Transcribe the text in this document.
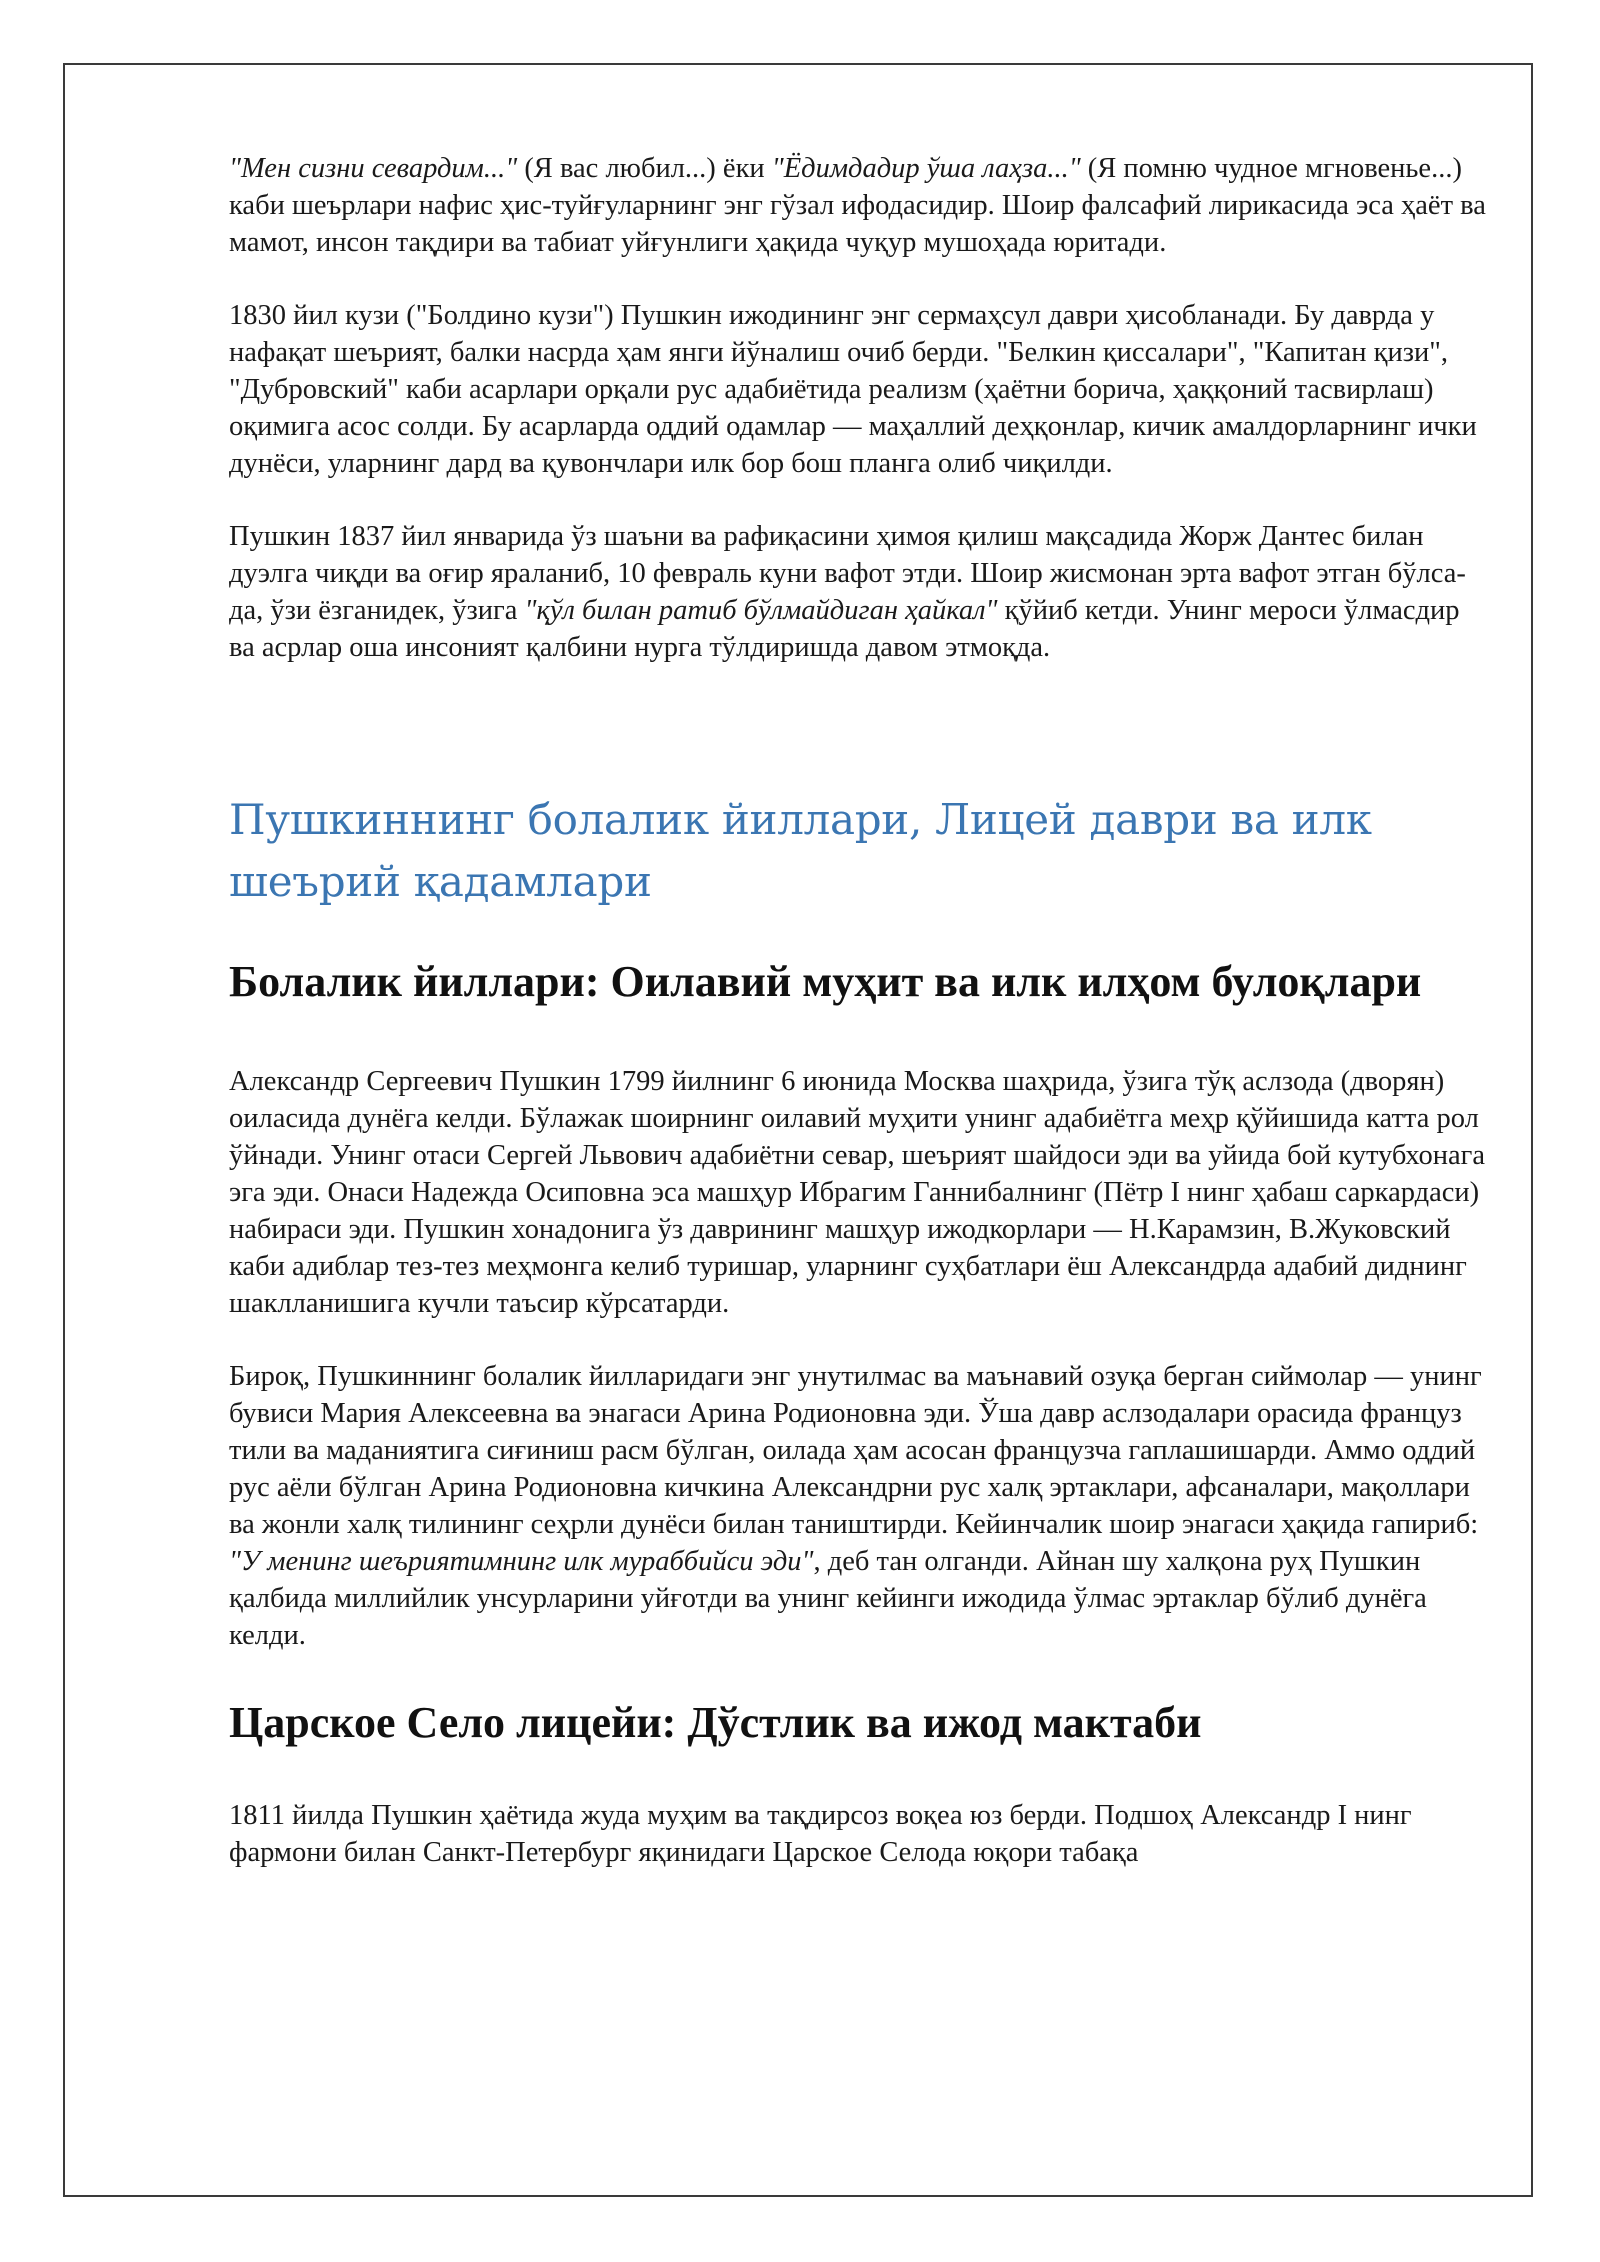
"Мен сизни севардим..." (Я вас любил...) ёки "Ёдимдадир ўша лаҳза..." (Я помню чудное мгновенье...) каби шеърлари нафис ҳис-туйғуларнинг энг гўзал ифодасидир. Шоир фалсафий лирикасида эса ҳаёт ва мамот, инсон тақдири ва табиат уйғунлиги ҳақида чуқур мушоҳада юритади.

1830 йил кузи ("Болдино кузи") Пушкин ижодининг энг сермаҳсул даври ҳисобланади. Бу даврда у нафақат шеърият, балки насрда ҳам янги йўналиш очиб берди. "Белкин қиссалари", "Капитан қизи", "Дубровский" каби асарлари орқали рус адабиётида реализм (ҳаётни борича, ҳаққоний тасвирлаш) оқимига асос солди. Бу асарларда оддий одамлар — маҳаллий деҳқонлар, кичик амалдорларнинг ички дунёси, уларнинг дард ва қувончлари илк бор бош планга олиб чиқилди.

Пушкин 1837 йил январида ўз шаъни ва рафиқасини ҳимоя қилиш мақсадида Жорж Дантес билан дуэлга чиқди ва оғир яраланиб, 10 февраль куни вафот этди. Шоир жисмонан эрта вафот этган бўлса-да, ўзи ёзганидек, ўзига "қўл билан ратиб бўлмайдиган ҳайкал" қўйиб кетди. Унинг мероси ўлмасдир ва асрлар оша инсоният қалбини нурга тўлдиришда давом этмоқда.

Пушкиннинг болалик йиллари, Лицей даври ва илк шеърий қадамлари
Болалик йиллари: Оилавий муҳит ва илк илҳом булоқлари

Александр Сергеевич Пушкин 1799 йилнинг 6 июнида Москва шаҳрида, ўзига тўқ аслзода (дворян) оиласида дунёга келди. Бўлажак шоирнинг оилавий муҳити унинг адабиётга меҳр қўйишида катта рол ўйнади. Унинг отаси Сергей Львович адабиётни севар, шеърият шайдоси эди ва уйида бой кутубхонага эга эди. Онаси Надежда Осиповна эса машҳур Ибрагим Ганнибалнинг (Пётр I нинг ҳабаш саркардаси) набираси эди. Пушкин хонадонига ўз даврининг машҳур ижодкорлари — Н.Карамзин, В.Жуковский каби адиблар тез-тез меҳмонга келиб туришар, уларнинг суҳбатлари ёш Александрда адабий диднинг шаклланишига кучли таъсир кўрсатарди.

Бироқ, Пушкиннинг болалик йилларидаги энг унутилмас ва маънавий озуқа берган сиймолар — унинг бувиси Мария Алексеевна ва энагаси Арина Родионовна эди. Ўша давр аслзодалари орасида француз тили ва маданиятига сиғиниш расм бўлган, оилада ҳам асосан французча гаплашишарди. Аммо оддий рус аёли бўлган Арина Родионовна кичкина Александрни рус халқ эртаклари, афсаналари, мақоллари ва жонли халқ тилининг сеҳрли дунёси билан таништирди. Кейинчалик шоир энагаси ҳақида гапириб: "У менинг шеъриятимнинг илк мураббийси эди", деб тан олганди. Айнан шу халқона руҳ Пушкин қалбида миллийлик унсурларини уйғотди ва унинг кейинги ижодида ўлмас эртаклар бўлиб дунёга келди.

Царское Село лицейи: Дўстлик ва ижод мактаби

1811 йилда Пушкин ҳаётида жуда муҳим ва тақдирсоз воқеа юз берди. Подшоҳ Александр I нинг фармони билан Санкт-Петербург яқинидаги Царское Селода юқори табақа
